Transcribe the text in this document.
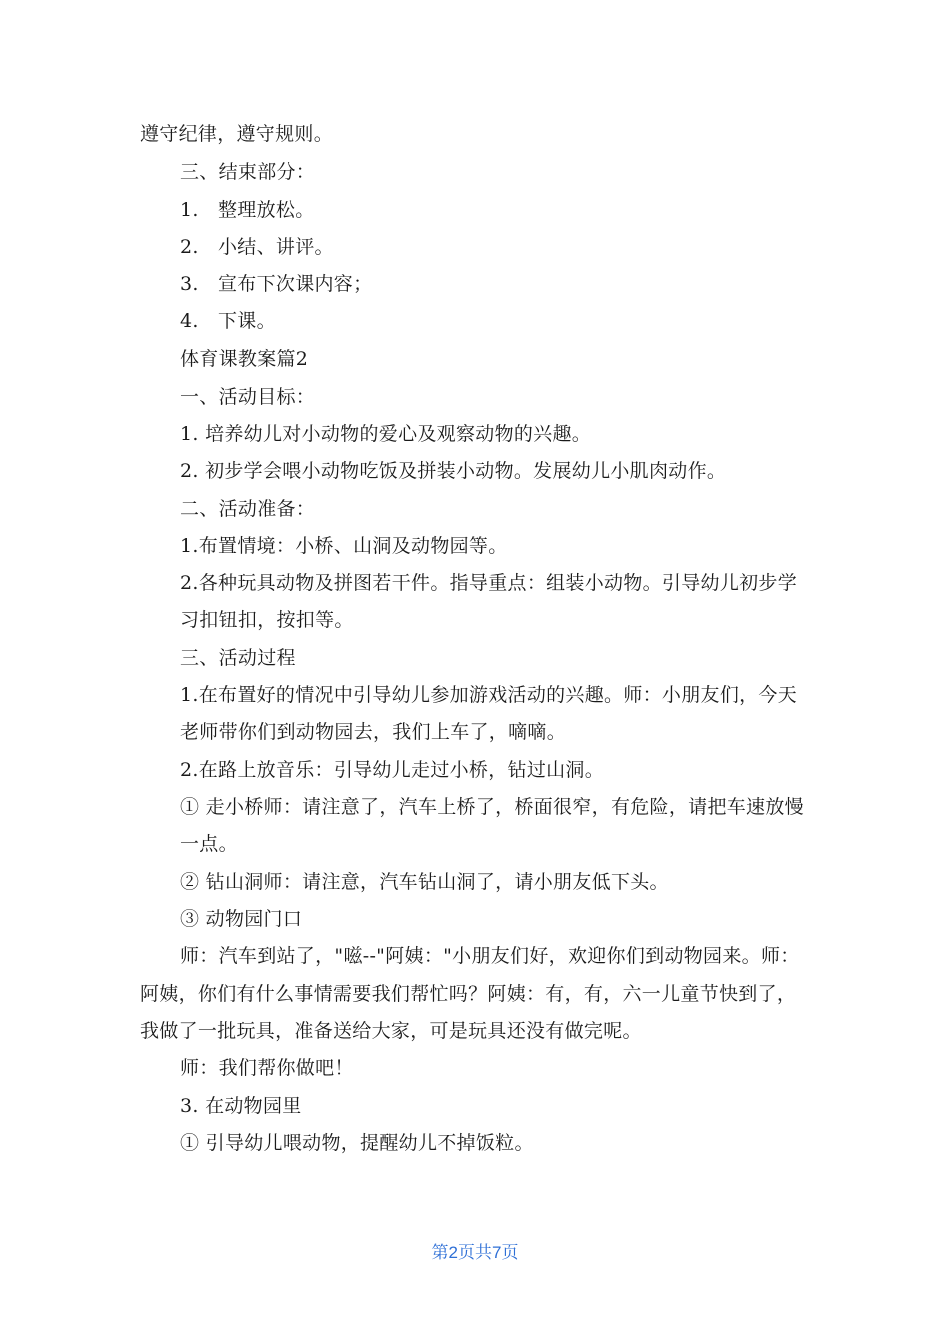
遵守纪律，遵守规则。
三、结束部分：
1. 整理放松。
2. 小结、讲评。
3. 宣布下次课内容；
4. 下课。
体育课教案篇2
一、活动目标：
1. 培养幼儿对小动物的爱心及观察动物的兴趣。
2. 初步学会喂小动物吃饭及拼装小动物。发展幼儿小肌肉动作。
二、活动准备：
1.布置情境：小桥、山洞及动物园等。
2.各种玩具动物及拼图若干件。指导重点：组装小动物。引导幼儿初步学
习扣钮扣，按扣等。
三、活动过程
1.在布置好的情况中引导幼儿参加游戏活动的兴趣。师：小朋友们，今天
老师带你们到动物园去，我们上车了，嘀嘀。
2.在路上放音乐：引导幼儿走过小桥，钻过山洞。
① 走小桥师：请注意了，汽车上桥了，桥面很窄，有危险，请把车速放慢
一点。
② 钻山洞师：请注意，汽车钻山洞了，请小朋友低下头。
③ 动物园门口
师：汽车到站了，"嗞--"阿姨："小朋友们好，欢迎你们到动物园来。师：
阿姨，你们有什么事情需要我们帮忙吗？阿姨：有，有，六一儿童节快到了，
我做了一批玩具，准备送给大家，可是玩具还没有做完呢。
师：我们帮你做吧！
3. 在动物园里
① 引导幼儿喂动物，提醒幼儿不掉饭粒。
第2页共7页
